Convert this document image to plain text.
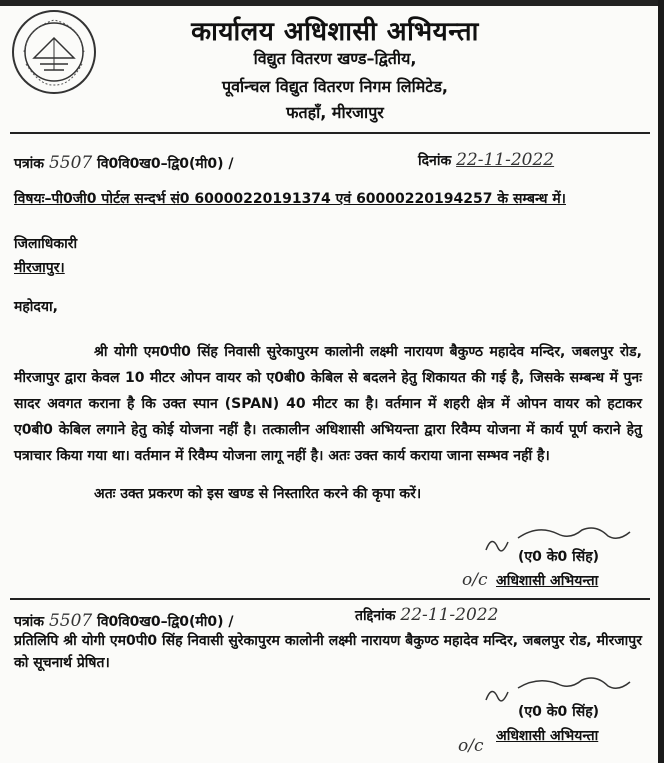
कार्यालय अधिशासी अभियन्ता
विद्युत वितरण खण्ड–द्वितीय,
पूर्वान्चल विद्युत वितरण निगम लिमिटेड,
फतहाँ, मीरजापुर
पत्रांक 5507 वि0वि0ख0–द्वि0(मी0) /	दिनांक 22-11-2022
विषयः–पी0जी0 पोर्टल सन्दर्भ सं0 60000220191374 एवं 60000220194257 के सम्बन्ध में।
जिलाधिकारी
मीरजापुर।
महोदया,
श्री योगी एम0पी0 सिंह निवासी सुरेकापुरम कालोनी लक्ष्मी नारायण बैकुण्ठ महादेव मन्दिर, जबलपुर रोड, मीरजापुर द्वारा केवल 10 मीटर ओपन वायर को ए0बी0 केबिल से बदलने हेतु शिकायत की गई है, जिसके सम्बन्ध में पुनः सादर अवगत कराना है कि उक्त स्पान (SPAN) 40 मीटर का है। वर्तमान में शहरी क्षेत्र में ओपन वायर को हटाकर ए0बी0 केबिल लगाने हेतु कोई योजना नहीं है। तत्कालीन अधिशासी अभियन्ता द्वारा रिवैम्प योजना में कार्य पूर्ण कराने हेतु पत्राचार किया गया था। वर्तमान में रिवैम्प योजना लागू नहीं है। अतः उक्त कार्य कराया जाना सम्भव नहीं है।
अतः उक्त प्रकरण को इस खण्ड से निस्तारित करने की कृपा करें।
(ए0 के0 सिंह)
o/c अधिशासी अभियन्ता
पत्रांक 5507 वि0वि0ख0–द्वि0(मी0) /	तद्दिनांक 22-11-2022
प्रतिलिपि श्री योगी एम0पी0 सिंह निवासी सुरेकापुरम कालोनी लक्ष्मी नारायण बैकुण्ठ महादेव मन्दिर, जबलपुर रोड, मीरजापुर को सूचनार्थ प्रेषित।
(ए0 के0 सिंह)
अधिशासी अभियन्ता
o/c
